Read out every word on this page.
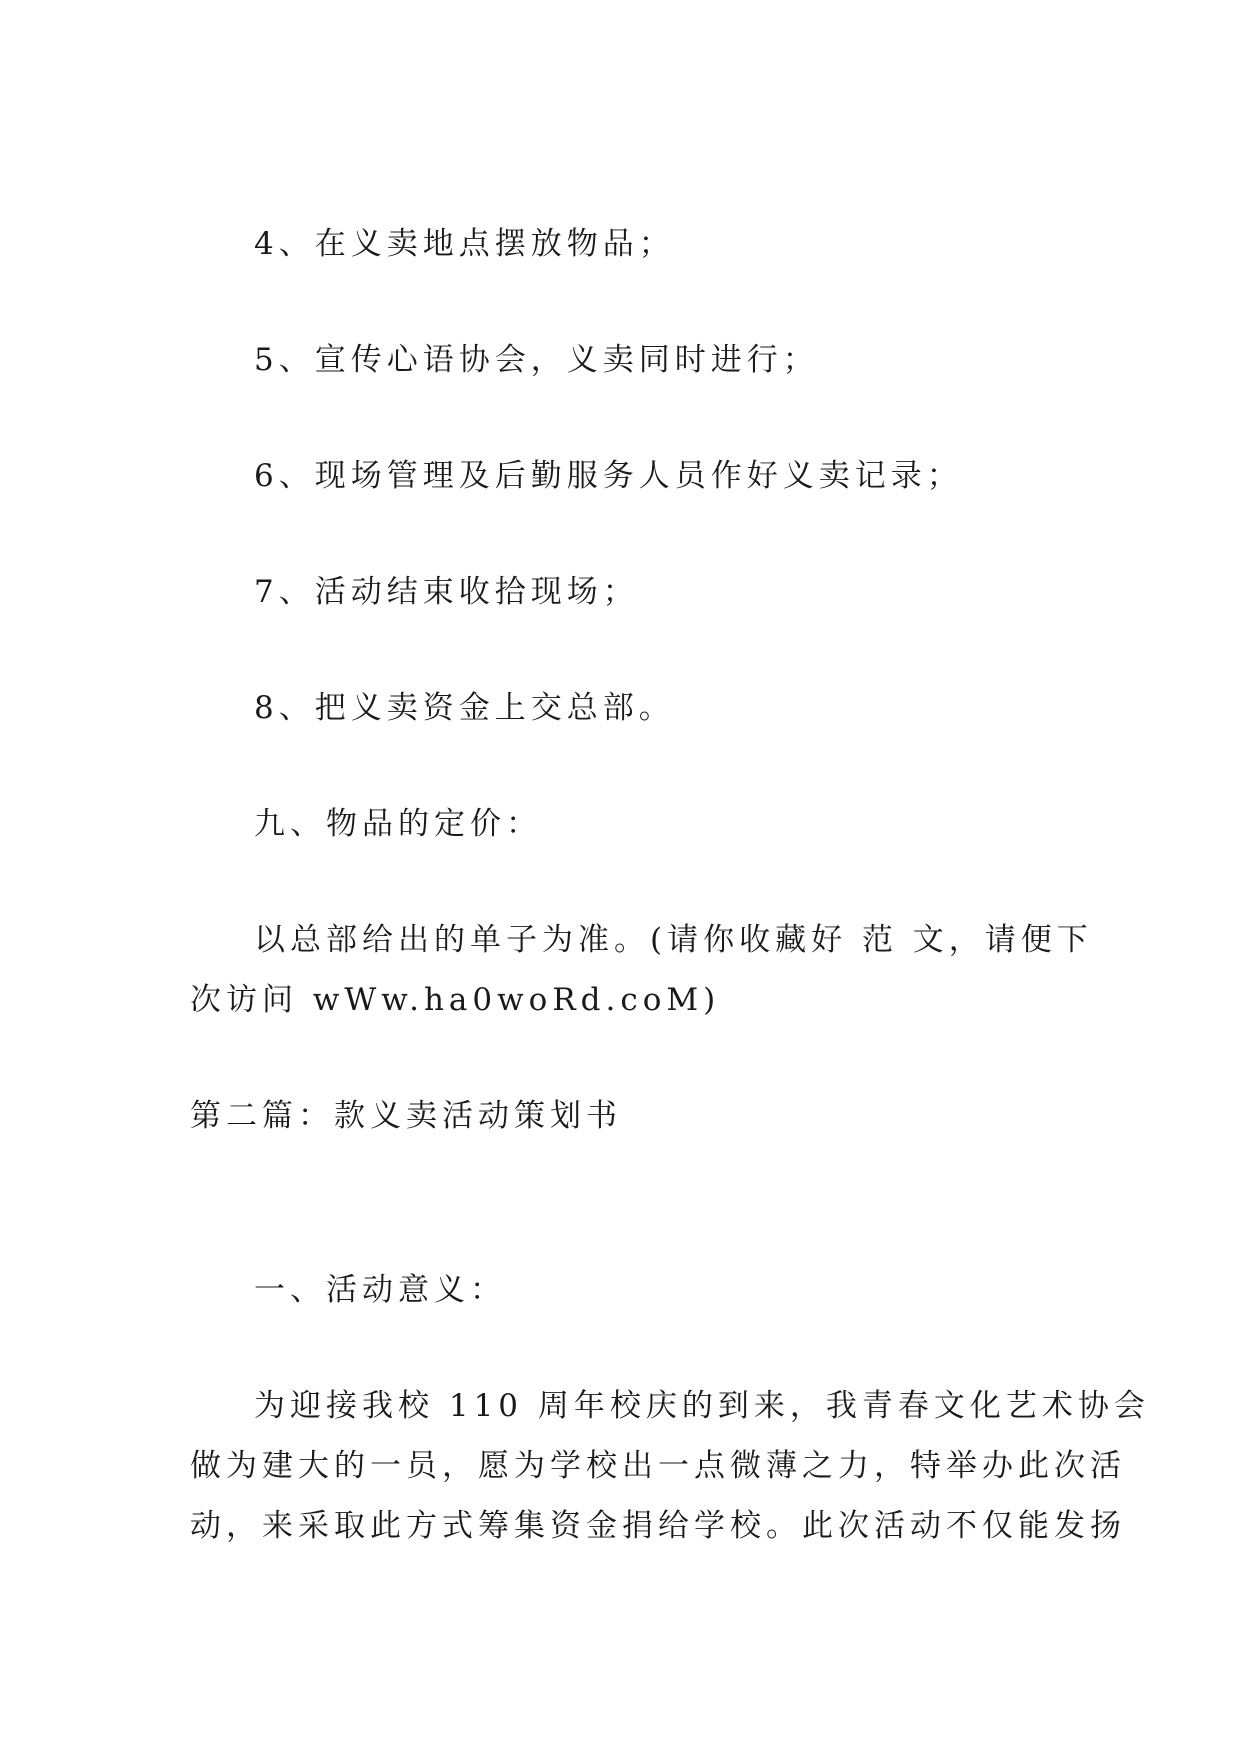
4、在义卖地点摆放物品；
5、宣传心语协会，义卖同时进行；
6、现场管理及后勤服务人员作好义卖记录；
7、活动结束收拾现场；
8、把义卖资金上交总部。
九、物品的定价：
以总部给出的单子为准。(请你收藏好 范 文，请便下
次访问 wWw.ha0woRd.coM)
第二篇：款义卖活动策划书
一、活动意义：
为迎接我校 110 周年校庆的到来，我青春文化艺术协会
做为建大的一员，愿为学校出一点微薄之力，特举办此次活
动，来采取此方式筹集资金捐给学校。此次活动不仅能发扬
